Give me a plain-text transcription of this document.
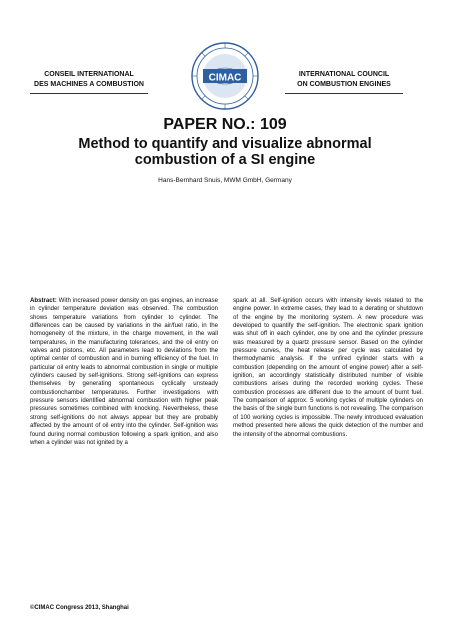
CONSEIL INTERNATIONAL
DES MACHINES A COMBUSTION
CIMAC	INTERNATIONAL COUNCIL
ON COMBUSTION ENGINES
PAPER NO.: 109
Method to quantify and visualize abnormal
combustion of a SI engine
Hans-Bernhard Snuis, MWM GmbH, Germany

Abstract: With increased power density on gas engines, an increase in cylinder temperature deviation was observed. The combustion shows temperature variations from cylinder to cylinder. The differences can be caused by variations in the air/fuel ratio, in the homogeneity of the mixture, in the charge movement, in the wall temperatures, in the manufacturing tolerances, and the oil entry on valves and pistons, etc. All parameters lead to deviations from the optimal center of combustion and in burning efficiency of the fuel. In particular oil entry leads to abnormal combustion in single or multiple cylinders caused by self-ignitions. Strong self-ignitions can express themselves by generating spontaneous cyclically unsteady combustionchamber temperatures. Further investigations with pressure sensors identified abnormal combustion with higher peak pressures sometimes combined with knocking. Nevertheless, these strong self-ignitions do not always appear but they are probably affected by the amount of oil entry into the cylinder. Self-ignition was found during normal combustion following a spark ignition, and also when a cylinder was not ignited by a

spark at all. Self-ignition occurs with intensity levels related to the engine power. In extreme cases, they lead to a derating or shutdown of the engine by the monitoring system. A new procedure was developed to quantify the self-ignition. The electronic spark ignition was shut off in each cylinder, one by one and the cylinder pressure was measured by a quartz pressure sensor. Based on the cylinder pressure curves, the heat release per cycle was calculated by thermodynamic analysis. If the unfired cylinder starts with a combustion (depending on the amount of engine power) after a self-ignition, an accordingly statistically distributed number of visible combustions arises during the recorded working cycles. These combustion processes are different due to the amount of burnt fuel. The comparison of approx. 5 working cycles of multiple cylinders on the basis of the single burn functions is not revealing. The comparison of 100 working cycles is impossible. The newly introduced evaluation method presented here allows the quick detection of the number and the intensity of the abnormal combustions.

©CIMAC Congress 2013, Shanghai
